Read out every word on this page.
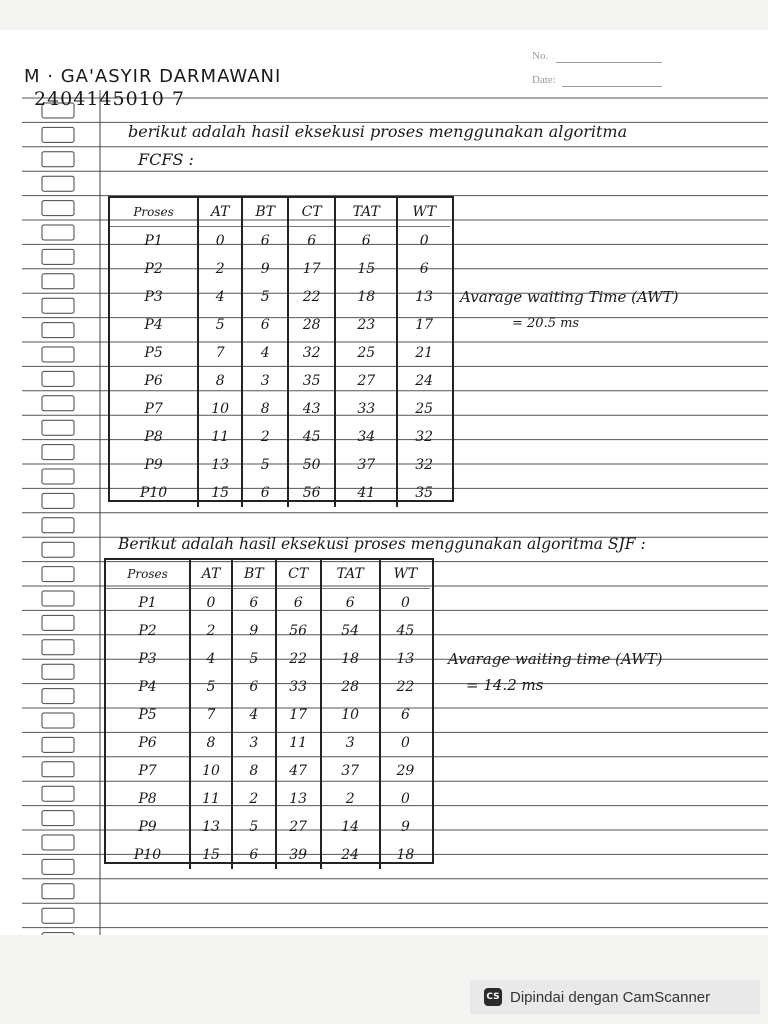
No.
Date:
M · GA'ASYIR DARMAWANI
2404145010 7
berikut adalah hasil eksekusi proses menggunakan algoritma
FCFS :
Proses	AT	BT	CT	TAT	WT
P1	0	6	6	6	0
P2	2	9	17	15	6
P3	4	5	22	18	13
P4	5	6	28	23	17
P5	7	4	32	25	21
P6	8	3	35	27	24
P7	10	8	43	33	25
P8	11	2	45	34	32
P9	13	5	50	37	32
P10	15	6	56	41	35
Avarage waiting Time (AWT)
= 20.5 ms
Berikut adalah hasil eksekusi proses menggunakan algoritma SJF :
Proses	AT	BT	CT	TAT	WT
P1	0	6	6	6	0
P2	2	9	56	54	45
P3	4	5	22	18	13
P4	5	6	33	28	22
P5	7	4	17	10	6
P6	8	3	11	3	0
P7	10	8	47	37	29
P8	11	2	13	2	0
P9	13	5	27	14	9
P10	15	6	39	24	18
Avarage waiting time (AWT)
= 14.2 ms
CS Dipindai dengan CamScanner
